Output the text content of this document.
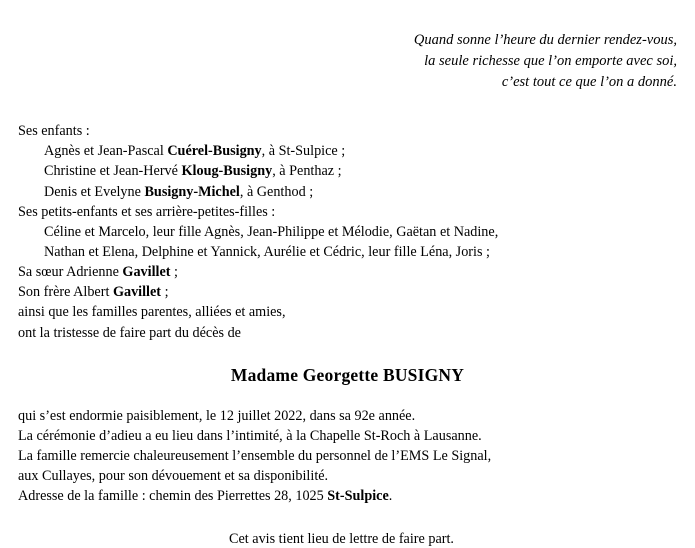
Quand sonne l’heure du dernier rendez-vous,
la seule richesse que l’on emporte avec soi,
c’est tout ce que l’on a donné.
Ses enfants :
Agnès et Jean-Pascal Cuérel-Busigny, à St-Sulpice ;
Christine et Jean-Hervé Kloug-Busigny, à Penthaz ;
Denis et Evelyne Busigny-Michel, à Genthod ;
Ses petits-enfants et ses arrière-petites-filles :
Céline et Marcelo, leur fille Agnès, Jean-Philippe et Mélodie, Gaëtan et Nadine,
Nathan et Elena, Delphine et Yannick, Aurélie et Cédric, leur fille Léna, Joris ;
Sa sœur Adrienne Gavillet ;
Son frère Albert Gavillet ;
ainsi que les familles parentes, alliées et amies,
ont la tristesse de faire part du décès de
Madame Georgette BUSIGNY
qui s’est endormie paisiblement, le 12 juillet 2022, dans sa 92e année.
La cérémonie d’adieu a eu lieu dans l’intimité, à la Chapelle St-Roch à Lausanne.
La famille remercie chaleureusement l’ensemble du personnel de l’EMS Le Signal,
aux Cullayes, pour son dévouement et sa disponibilité.
Adresse de la famille : chemin des Pierrettes 28, 1025 St-Sulpice.
Cet avis tient lieu de lettre de faire part.
